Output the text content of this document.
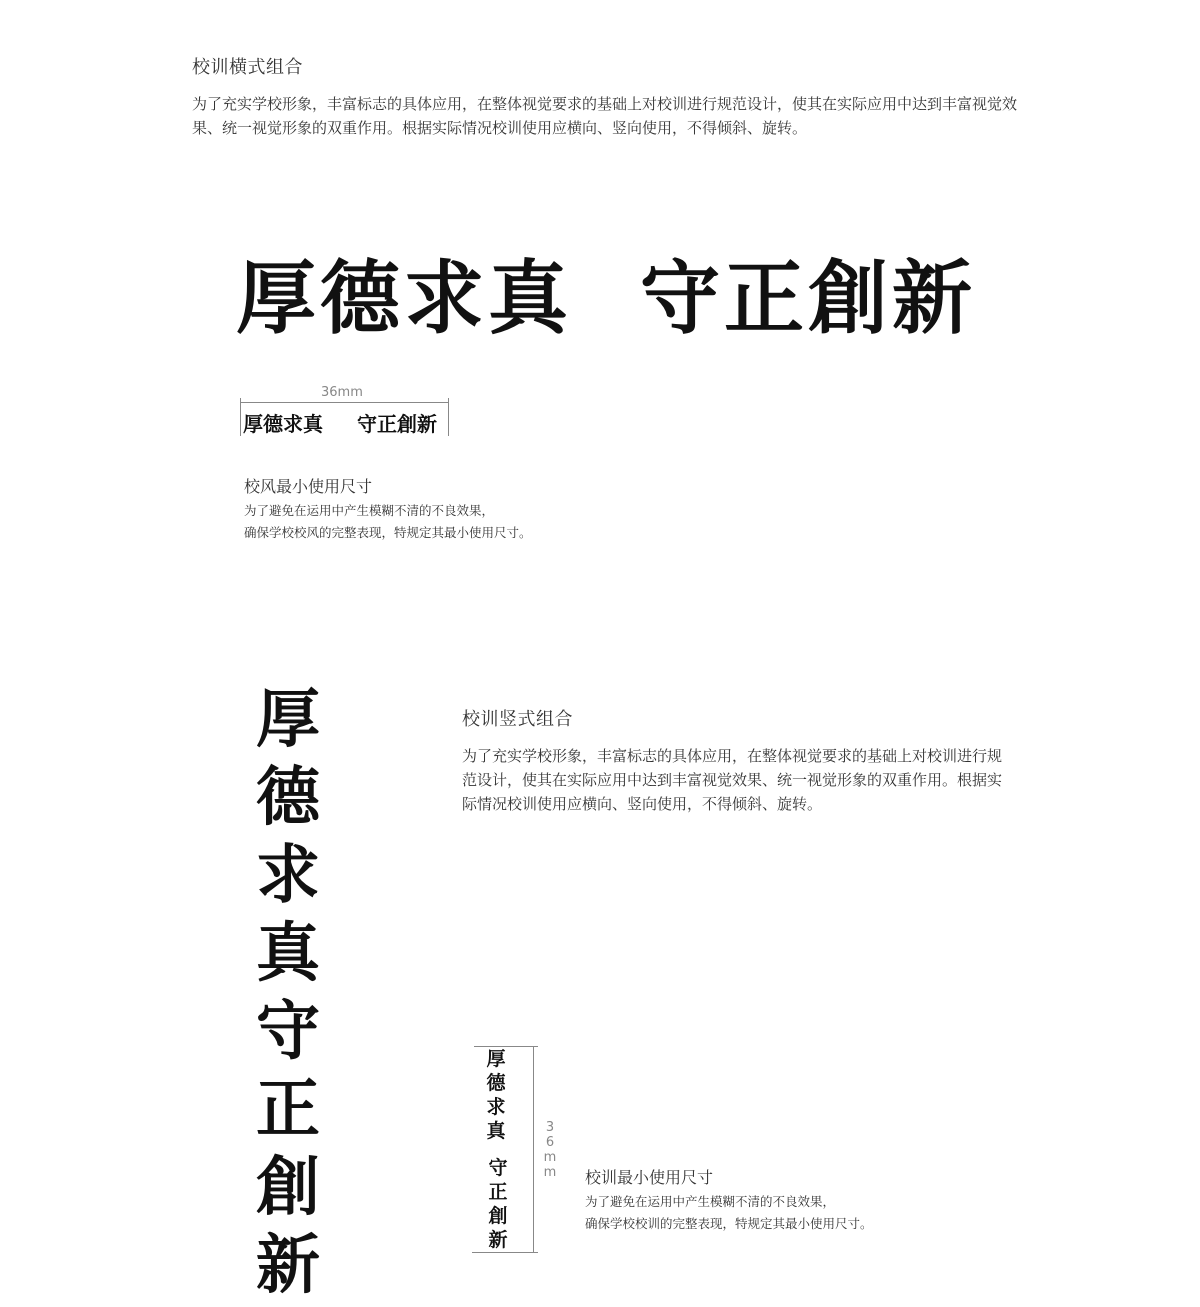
校训横式组合
为了充实学校形象，丰富标志的具体应用，在整体视觉要求的基础上对校训进行规范设计，使其在实际应用中达到丰富视觉效果、统一视觉形象的双重作用。根据实际情况校训使用应横向、竖向使用，不得倾斜、旋转。
厚德求真 守正創新
36mm
厚德求真 守正創新
校风最小使用尺寸
为了避免在运用中产生模糊不清的不良效果，
确保学校校风的完整表现，特规定其最小使用尺寸。
厚
德
求
真
守
正
創
新
校训竖式组合
为了充实学校形象，丰富标志的具体应用，在整体视觉要求的基础上对校训进行规范设计，使其在实际应用中达到丰富视觉效果、统一视觉形象的双重作用。根据实际情况校训使用应横向、竖向使用，不得倾斜、旋转。
36mm
厚
德
求
真
守
正
創
新
校训最小使用尺寸
为了避免在运用中产生模糊不清的不良效果，
确保学校校训的完整表现，特规定其最小使用尺寸。
